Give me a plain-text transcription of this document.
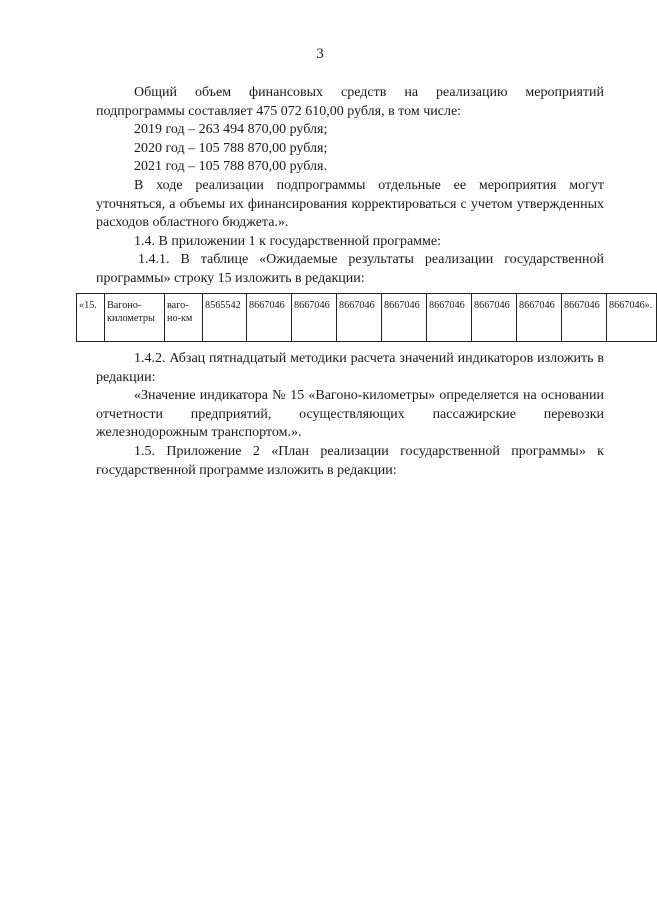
3

Общий объем финансовых средств на реализацию мероприятий подпрограммы составляет 475 072 610,00 рубля, в том числе:

2019 год – 263 494 870,00 рубля;

2020 год – 105 788 870,00 рубля;

2021 год – 105 788 870,00 рубля.

В ходе реализации подпрограммы отдельные ее мероприятия могут уточняться, а объемы их финансирования корректироваться с учетом утвержденных расходов областного бюджета.».

1.4. В приложении 1 к государственной программе:

1.4.1. В таблице «Ожидаемые результаты реализации государственной программы» строку 15 изложить в редакции:

«15.	Вагоно-километры	ваго-но-км	8565542	8667046	8667046	8667046	8667046	8667046	8667046	8667046	8667046	8667046».

1.4.2. Абзац пятнадцатый методики расчета значений индикаторов изложить в редакции:

«Значение индикатора № 15 «Вагоно-километры» определяется на основании отчетности предприятий, осуществляющих пассажирские перевозки железнодорожным транспортом.».

1.5. Приложение 2 «План реализации государственной программы» к государственной программе изложить в редакции:
